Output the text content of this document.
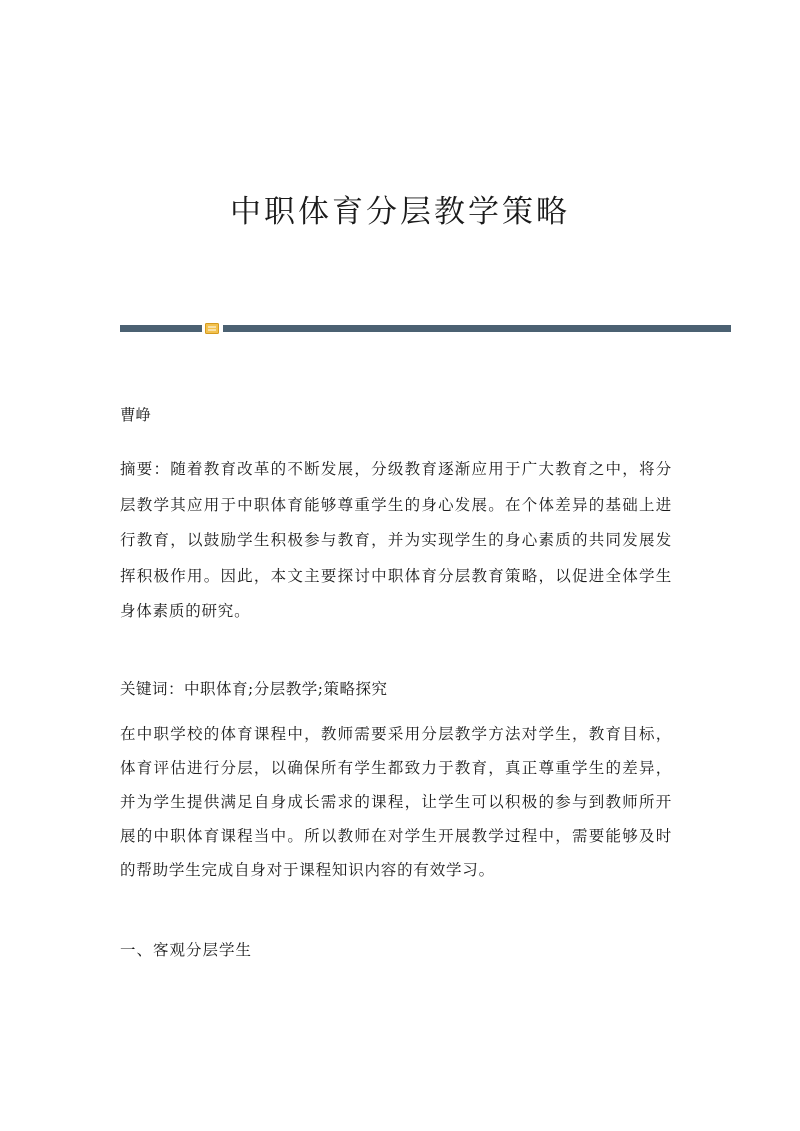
中职体育分层教学策略

曹峥

摘要：随着教育改革的不断发展，分级教育逐渐应用于广大教育之中，将分层教学其应用于中职体育能够尊重学生的身心发展。在个体差异的基础上进行教育，以鼓励学生积极参与教育，并为实现学生的身心素质的共同发展发挥积极作用。因此，本文主要探讨中职体育分层教育策略，以促进全体学生身体素质的研究。

关键词：中职体育;分层教学;策略探究

在中职学校的体育课程中，教师需要采用分层教学方法对学生，教育目标，体育评估进行分层，以确保所有学生都致力于教育，真正尊重学生的差异，并为学生提供满足自身成长需求的课程，让学生可以积极的参与到教师所开展的中职体育课程当中。所以教师在对学生开展教学过程中，需要能够及时的帮助学生完成自身对于课程知识内容的有效学习。

一、客观分层学生
